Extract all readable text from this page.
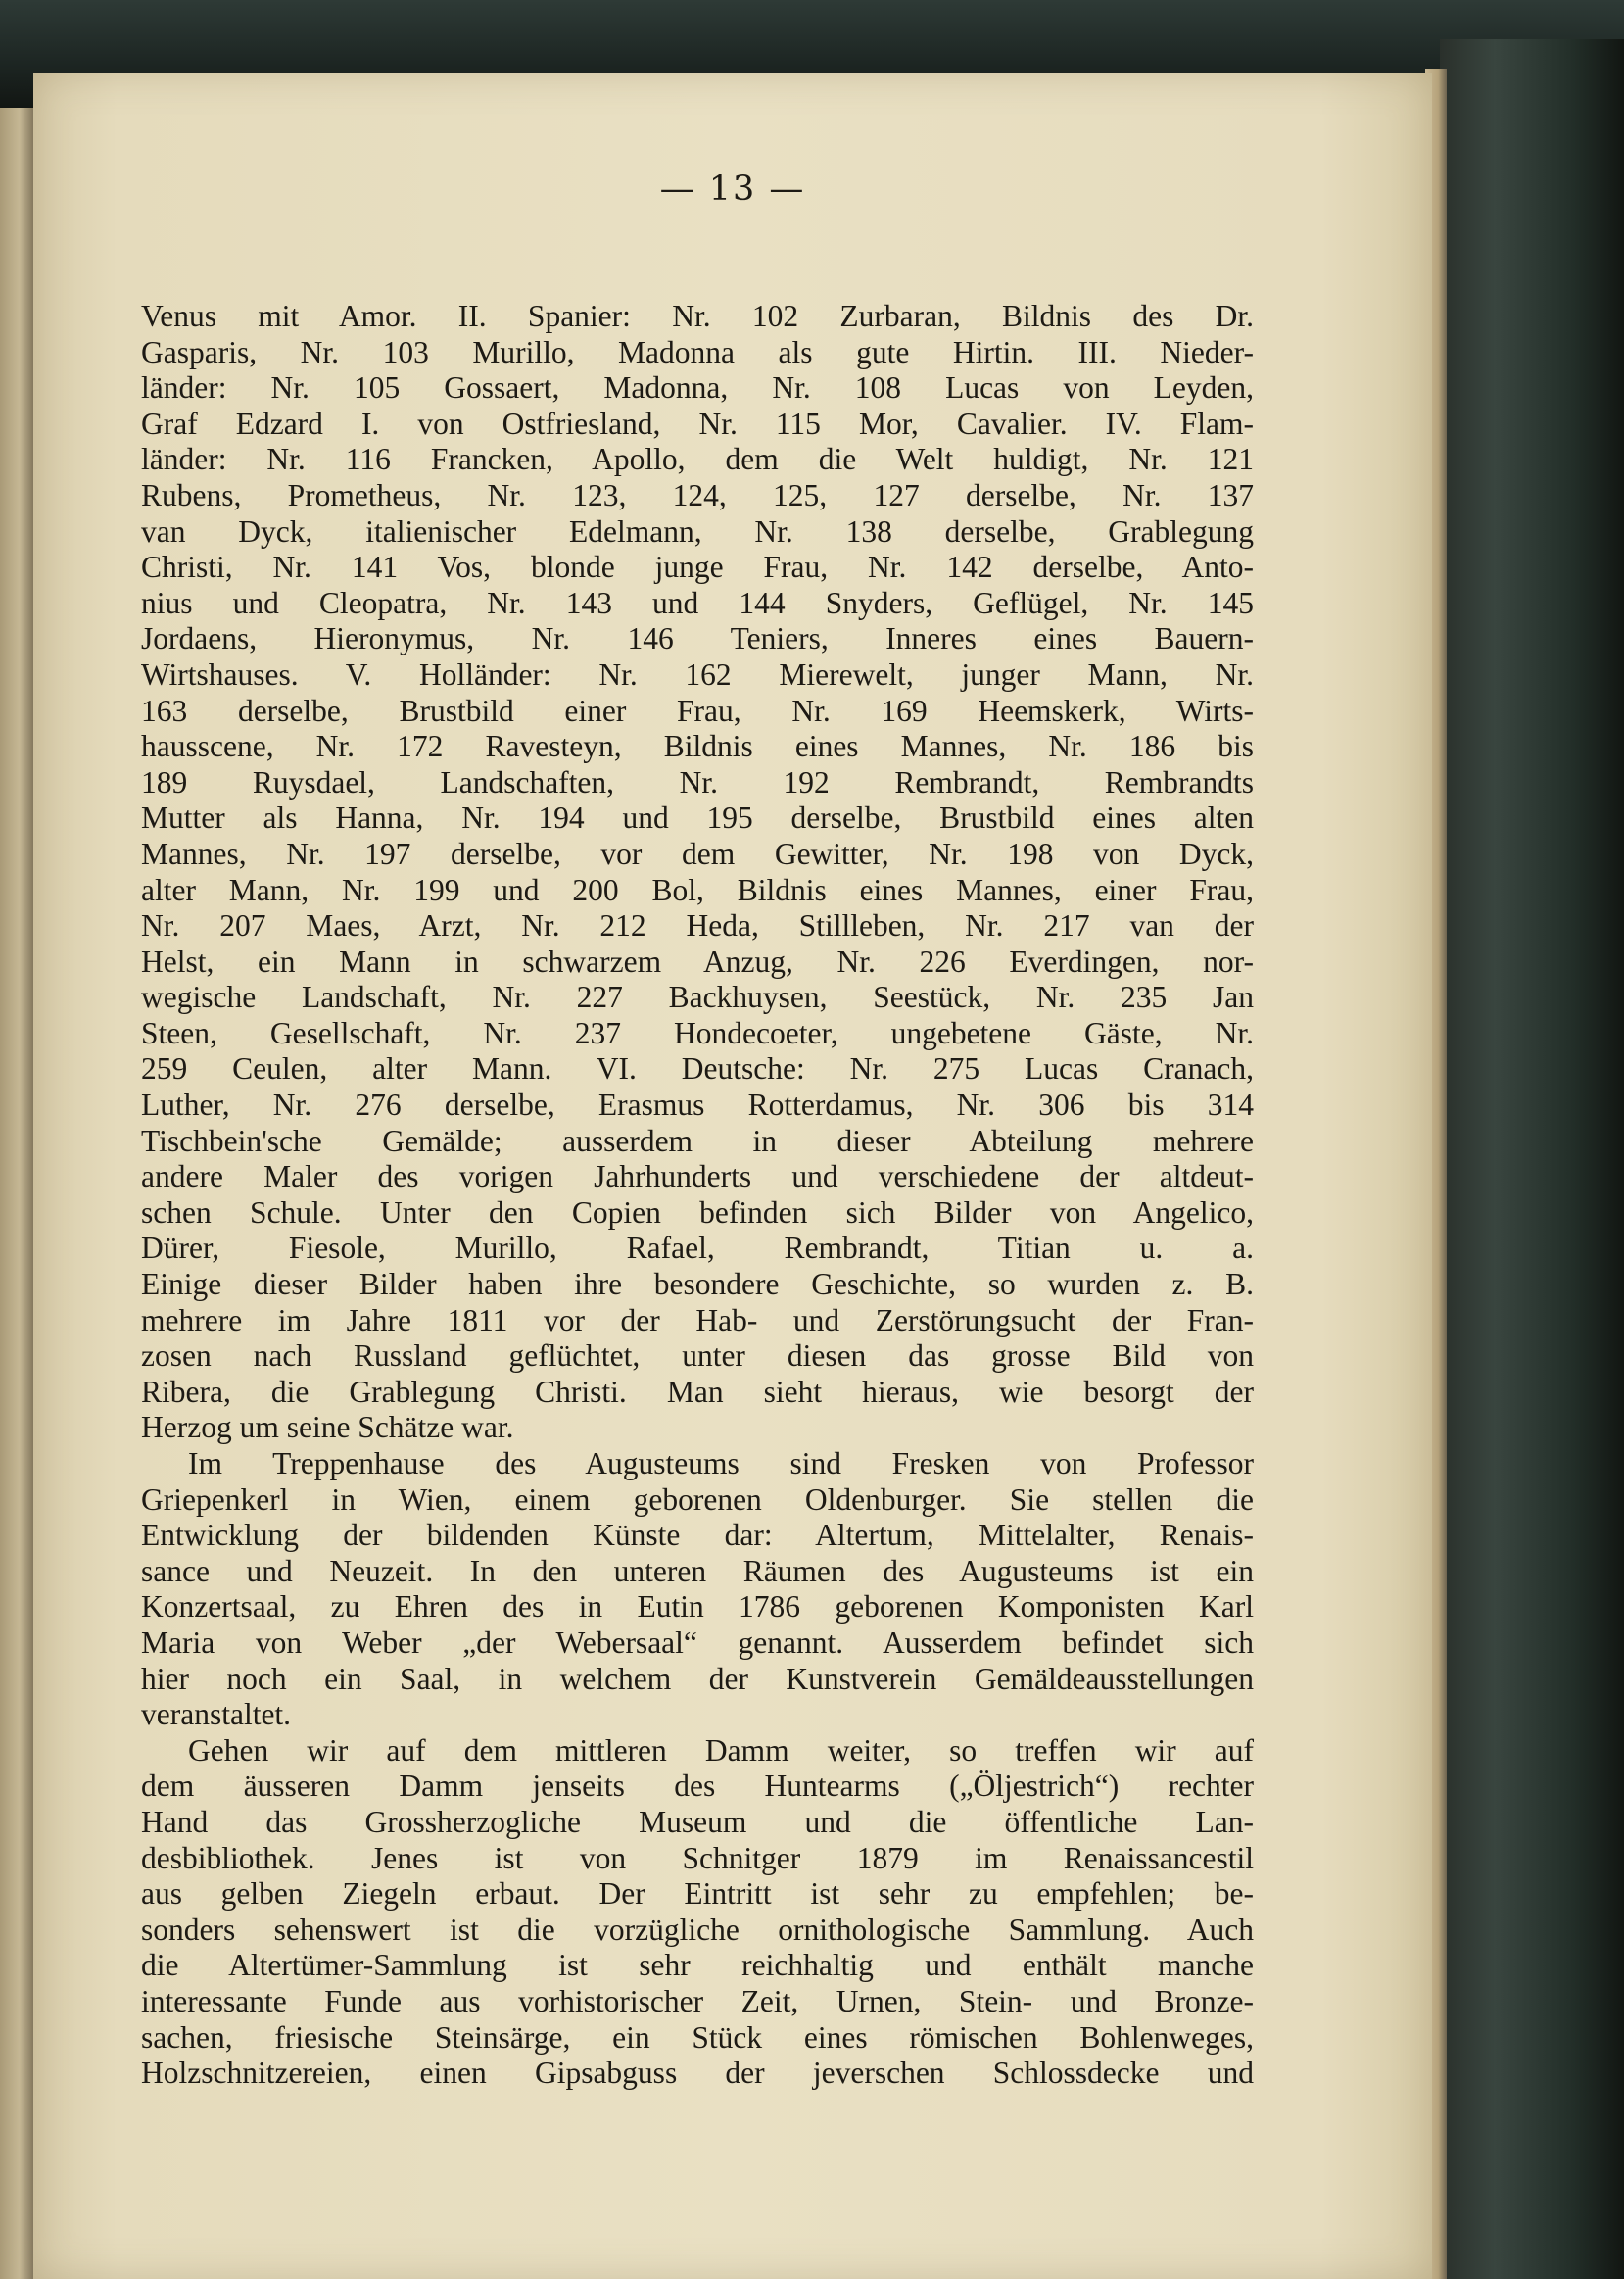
— 13 —
Venus mit Amor. II. Spanier: Nr. 102 Zurbaran, Bildnis des Dr.
Gasparis, Nr. 103 Murillo, Madonna als gute Hirtin. III. Nieder-
länder: Nr. 105 Gossaert, Madonna, Nr. 108 Lucas von Leyden,
Graf Edzard I. von Ostfriesland, Nr. 115 Mor, Cavalier. IV. Flam-
länder: Nr. 116 Francken, Apollo, dem die Welt huldigt, Nr. 121
Rubens, Prometheus, Nr. 123, 124, 125, 127 derselbe, Nr. 137
van Dyck, italienischer Edelmann, Nr. 138 derselbe, Grablegung
Christi, Nr. 141 Vos, blonde junge Frau, Nr. 142 derselbe, Anto-
nius und Cleopatra, Nr. 143 und 144 Snyders, Geflügel, Nr. 145
Jordaens, Hieronymus, Nr. 146 Teniers, Inneres eines Bauern-
Wirtshauses. V. Holländer: Nr. 162 Mierewelt, junger Mann, Nr.
163 derselbe, Brustbild einer Frau, Nr. 169 Heemskerk, Wirts-
hausscene, Nr. 172 Ravesteyn, Bildnis eines Mannes, Nr. 186 bis
189 Ruysdael, Landschaften, Nr. 192 Rembrandt, Rembrandts
Mutter als Hanna, Nr. 194 und 195 derselbe, Brustbild eines alten
Mannes, Nr. 197 derselbe, vor dem Gewitter, Nr. 198 von Dyck,
alter Mann, Nr. 199 und 200 Bol, Bildnis eines Mannes, einer Frau,
Nr. 207 Maes, Arzt, Nr. 212 Heda, Stillleben, Nr. 217 van der
Helst, ein Mann in schwarzem Anzug, Nr. 226 Everdingen, nor-
wegische Landschaft, Nr. 227 Backhuysen, Seestück, Nr. 235 Jan
Steen, Gesellschaft, Nr. 237 Hondecoeter, ungebetene Gäste, Nr.
259 Ceulen, alter Mann. VI. Deutsche: Nr. 275 Lucas Cranach,
Luther, Nr. 276 derselbe, Erasmus Rotterdamus, Nr. 306 bis 314
Tischbein'sche Gemälde; ausserdem in dieser Abteilung mehrere
andere Maler des vorigen Jahrhunderts und verschiedene der altdeut-
schen Schule. Unter den Copien befinden sich Bilder von Angelico,
Dürer, Fiesole, Murillo, Rafael, Rembrandt, Titian u. a.
Einige dieser Bilder haben ihre besondere Geschichte, so wurden z. B.
mehrere im Jahre 1811 vor der Hab- und Zerstörungsucht der Fran-
zosen nach Russland geflüchtet, unter diesen das grosse Bild von
Ribera, die Grablegung Christi. Man sieht hieraus, wie besorgt der
Herzog um seine Schätze war.
Im Treppenhause des Augusteums sind Fresken von Professor
Griepenkerl in Wien, einem geborenen Oldenburger. Sie stellen die
Entwicklung der bildenden Künste dar: Altertum, Mittelalter, Renais-
sance und Neuzeit. In den unteren Räumen des Augusteums ist ein
Konzertsaal, zu Ehren des in Eutin 1786 geborenen Komponisten Karl
Maria von Weber „der Webersaal“ genannt. Ausserdem befindet sich
hier noch ein Saal, in welchem der Kunstverein Gemäldeausstellungen
veranstaltet.
Gehen wir auf dem mittleren Damm weiter, so treffen wir auf
dem äusseren Damm jenseits des Huntearms („Öljestrich“) rechter
Hand das Grossherzogliche Museum und die öffentliche Lan-
desbibliothek. Jenes ist von Schnitger 1879 im Renaissancestil
aus gelben Ziegeln erbaut. Der Eintritt ist sehr zu empfehlen; be-
sonders sehenswert ist die vorzügliche ornithologische Sammlung. Auch
die Altertümer-Sammlung ist sehr reichhaltig und enthält manche
interessante Funde aus vorhistorischer Zeit, Urnen, Stein- und Bronze-
sachen, friesische Steinsärge, ein Stück eines römischen Bohlenweges,
Holzschnitzereien, einen Gipsabguss der jeverschen Schlossdecke und
